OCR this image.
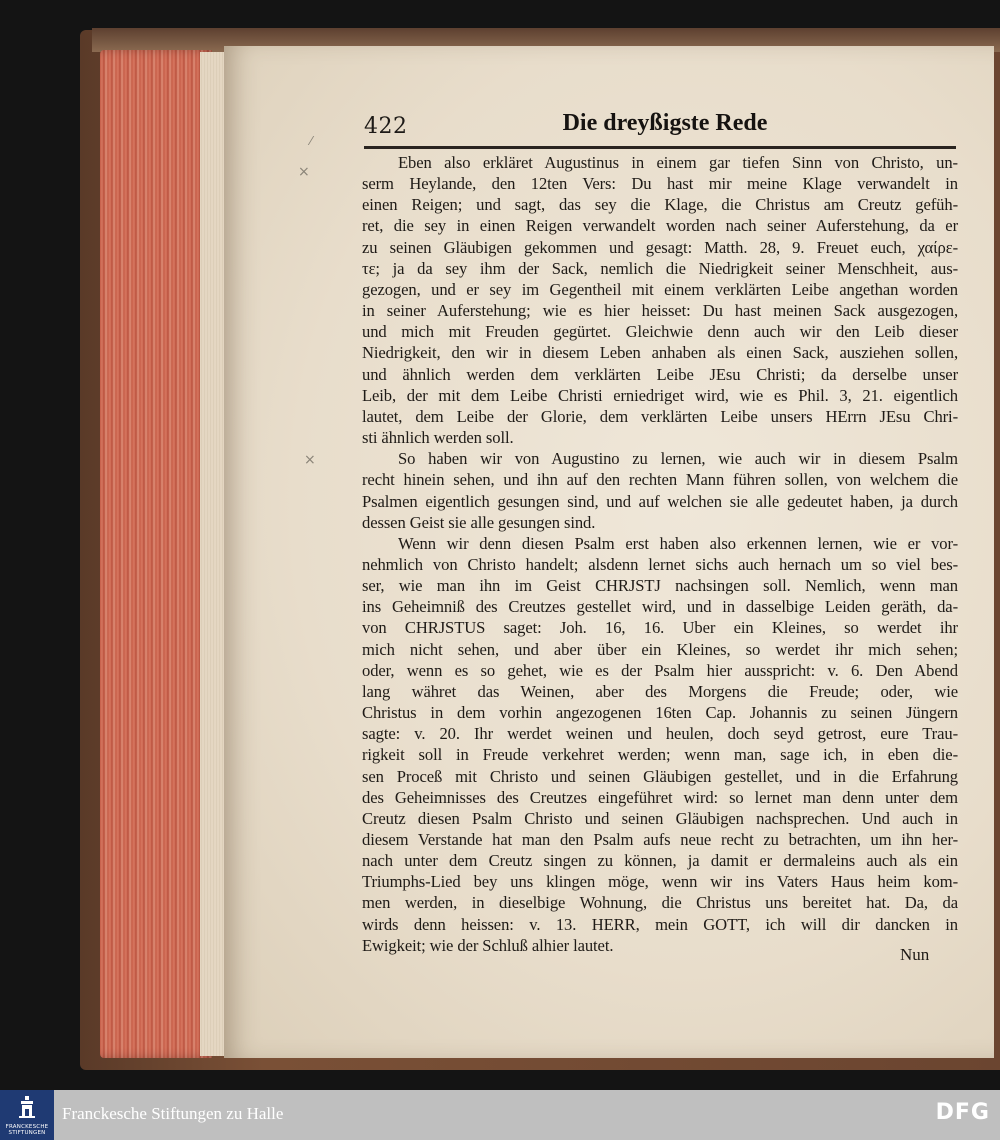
×
×
⁄
422	Die dreyßigste Rede
Eben also erkläret Augustinus in einem gar tiefen Sinn von Christo, un-
serm Heylande, den 12ten Vers: Du hast mir meine Klage verwandelt in
einen Reigen; und sagt, das sey die Klage, die Christus am Creutz gefüh-
ret, die sey in einen Reigen verwandelt worden nach seiner Auferstehung, da er
zu seinen Gläubigen gekommen und gesagt: Matth. 28, 9. Freuet euch, χαίρε-
τε; ja da sey ihm der Sack, nemlich die Niedrigkeit seiner Menschheit, aus-
gezogen, und er sey im Gegentheil mit einem verklärten Leibe angethan worden
in seiner Auferstehung; wie es hier heisset: Du hast meinen Sack ausgezogen,
und mich mit Freuden gegürtet. Gleichwie denn auch wir den Leib dieser
Niedrigkeit, den wir in diesem Leben anhaben als einen Sack, ausziehen sollen,
und ähnlich werden dem verklärten Leibe JEsu Christi; da derselbe unser
Leib, der mit dem Leibe Christi erniedriget wird, wie es Phil. 3, 21. eigentlich
lautet, dem Leibe der Glorie, dem verklärten Leibe unsers HErrn JEsu Chri-
sti ähnlich werden soll.
So haben wir von Augustino zu lernen, wie auch wir in diesem Psalm
recht hinein sehen, und ihn auf den rechten Mann führen sollen, von welchem die
Psalmen eigentlich gesungen sind, und auf welchen sie alle gedeutet haben, ja durch
dessen Geist sie alle gesungen sind.
Wenn wir denn diesen Psalm erst haben also erkennen lernen, wie er vor-
nehmlich von Christo handelt; alsdenn lernet sichs auch hernach um so viel bes-
ser, wie man ihn im Geist CHRJSTJ nachsingen soll. Nemlich, wenn man
ins Geheimniß des Creutzes gestellet wird, und in dasselbige Leiden geräth, da-
von CHRJSTUS saget: Joh. 16, 16. Uber ein Kleines, so werdet ihr
mich nicht sehen, und aber über ein Kleines, so werdet ihr mich sehen;
oder, wenn es so gehet, wie es der Psalm hier ausspricht: v. 6. Den Abend
lang währet das Weinen, aber des Morgens die Freude; oder, wie
Christus in dem vorhin angezogenen 16ten Cap. Johannis zu seinen Jüngern
sagte: v. 20. Ihr werdet weinen und heulen, doch seyd getrost, eure Trau-
rigkeit soll in Freude verkehret werden; wenn man, sage ich, in eben die-
sen Proceß mit Christo und seinen Gläubigen gestellet, und in die Erfahrung
des Geheimnisses des Creutzes eingeführet wird: so lernet man denn unter dem
Creutz diesen Psalm Christo und seinen Gläubigen nachsprechen. Und auch in
diesem Verstande hat man den Psalm aufs neue recht zu betrachten, um ihn her-
nach unter dem Creutz singen zu können, ja damit er dermaleins auch als ein
Triumphs-Lied bey uns klingen möge, wenn wir ins Vaters Haus heim kom-
men werden, in dieselbige Wohnung, die Christus uns bereitet hat. Da, da
wirds denn heissen: v. 13. HERR, mein GOTT, ich will dir dancken in
Ewigkeit; wie der Schluß alhier lautet.	Nun
FRANCKESCHE
STIFTUNGEN
Franckesche Stiftungen zu Halle	DFG
